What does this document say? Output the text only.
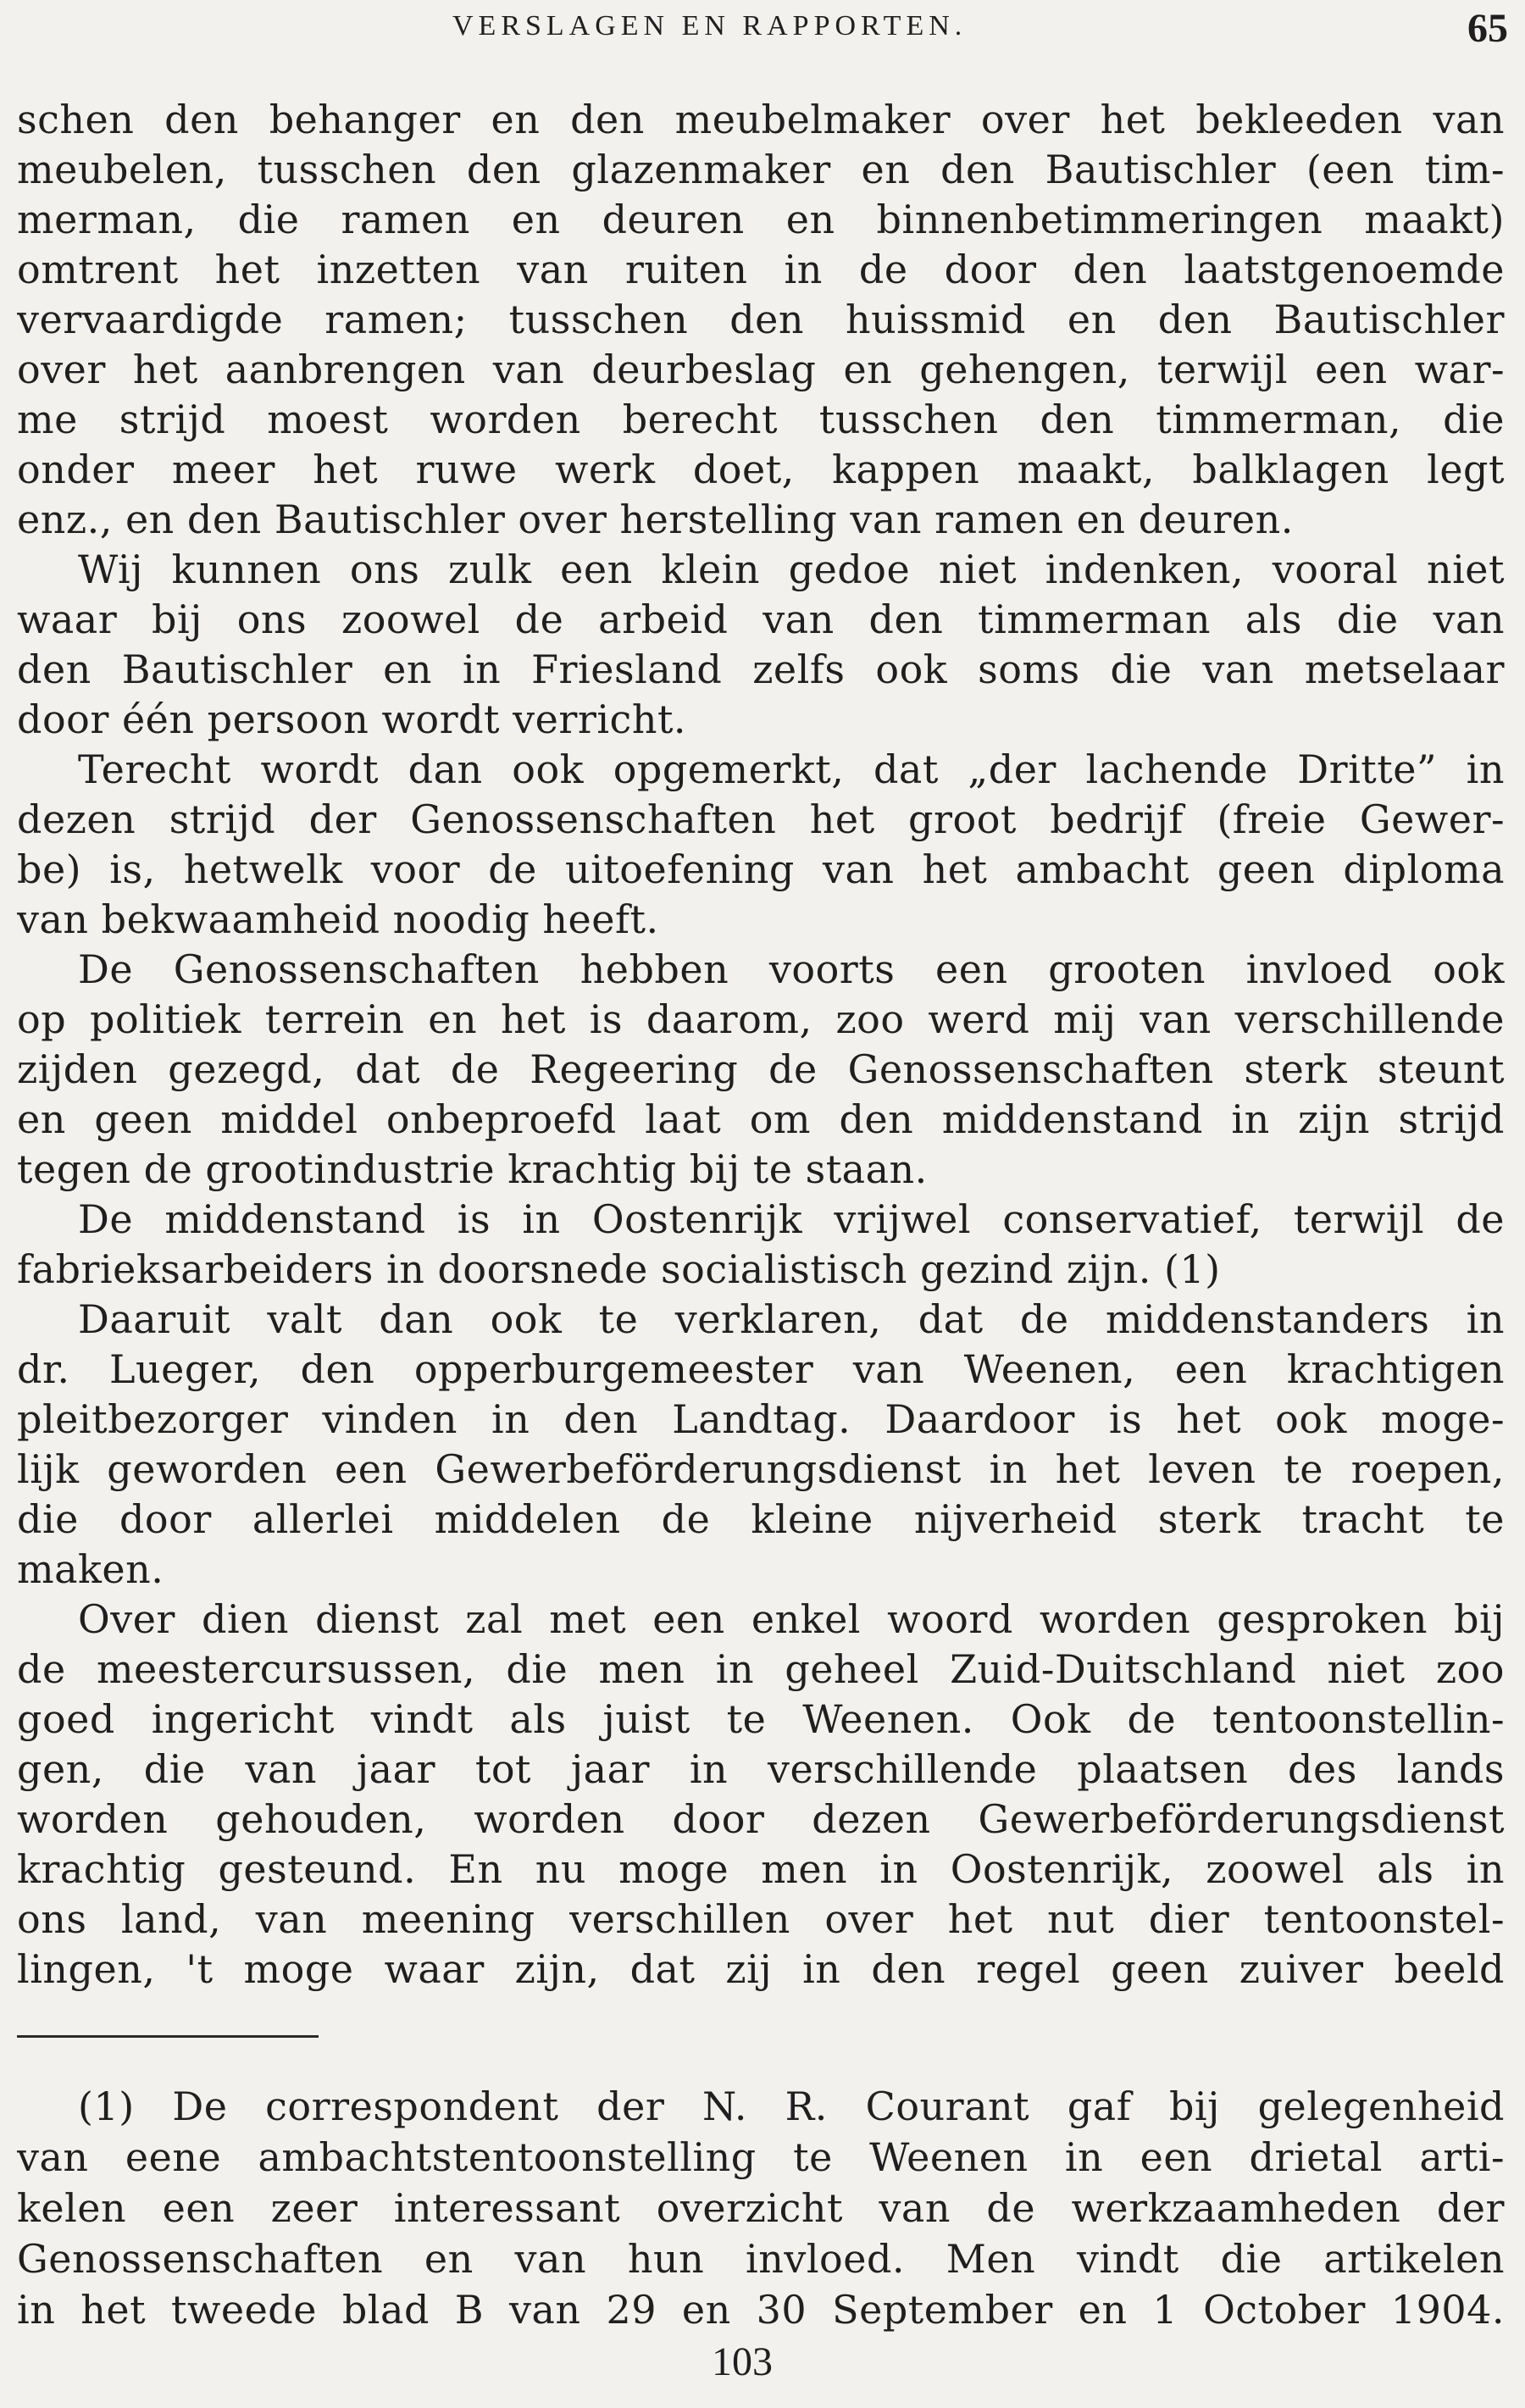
VERSLAGEN EN RAPPORTEN.	65
schen den behanger en den meubelmaker over het bekleeden van
meubelen, tusschen den glazenmaker en den Bautischler (een tim-
merman, die ramen en deuren en binnenbetimmeringen maakt)
omtrent het inzetten van ruiten in de door den laatstgenoemde
vervaardigde ramen; tusschen den huissmid en den Bautischler
over het aanbrengen van deurbeslag en gehengen, terwijl een war-
me strijd moest worden berecht tusschen den timmerman, die
onder meer het ruwe werk doet, kappen maakt, balklagen legt
enz., en den Bautischler over herstelling van ramen en deuren.
Wij kunnen ons zulk een klein gedoe niet indenken, vooral niet
waar bij ons zoowel de arbeid van den timmerman als die van
den Bautischler en in Friesland zelfs ook soms die van metselaar
door één persoon wordt verricht.
Terecht wordt dan ook opgemerkt, dat „der lachende Dritte” in
dezen strijd der Genossenschaften het groot bedrijf (freie Gewer-
be) is, hetwelk voor de uitoefening van het ambacht geen diploma
van bekwaamheid noodig heeft.
De Genossenschaften hebben voorts een grooten invloed ook
op politiek terrein en het is daarom, zoo werd mij van verschillende
zijden gezegd, dat de Regeering de Genossenschaften sterk steunt
en geen middel onbeproefd laat om den middenstand in zijn strijd
tegen de grootindustrie krachtig bij te staan.
De middenstand is in Oostenrijk vrijwel conservatief, terwijl de
fabrieksarbeiders in doorsnede socialistisch gezind zijn. (1)
Daaruit valt dan ook te verklaren, dat de middenstanders in
dr. Lueger, den opperburgemeester van Weenen, een krachtigen
pleitbezorger vinden in den Landtag. Daardoor is het ook moge-
lijk geworden een Gewerbeförderungsdienst in het leven te roepen,
die door allerlei middelen de kleine nijverheid sterk tracht te
maken.
Over dien dienst zal met een enkel woord worden gesproken bij
de meestercursussen, die men in geheel Zuid-Duitschland niet zoo
goed ingericht vindt als juist te Weenen. Ook de tentoonstellin-
gen, die van jaar tot jaar in verschillende plaatsen des lands
worden gehouden, worden door dezen Gewerbeförderungsdienst
krachtig gesteund. En nu moge men in Oostenrijk, zoowel als in
ons land, van meening verschillen over het nut dier tentoonstel-
lingen, 't moge waar zijn, dat zij in den regel geen zuiver beeld
(1) De correspondent der N. R. Courant gaf bij gelegenheid
van eene ambachtstentoonstelling te Weenen in een drietal arti-
kelen een zeer interessant overzicht van de werkzaamheden der
Genossenschaften en van hun invloed. Men vindt die artikelen
in het tweede blad B van 29 en 30 September en 1 October 1904.
103
